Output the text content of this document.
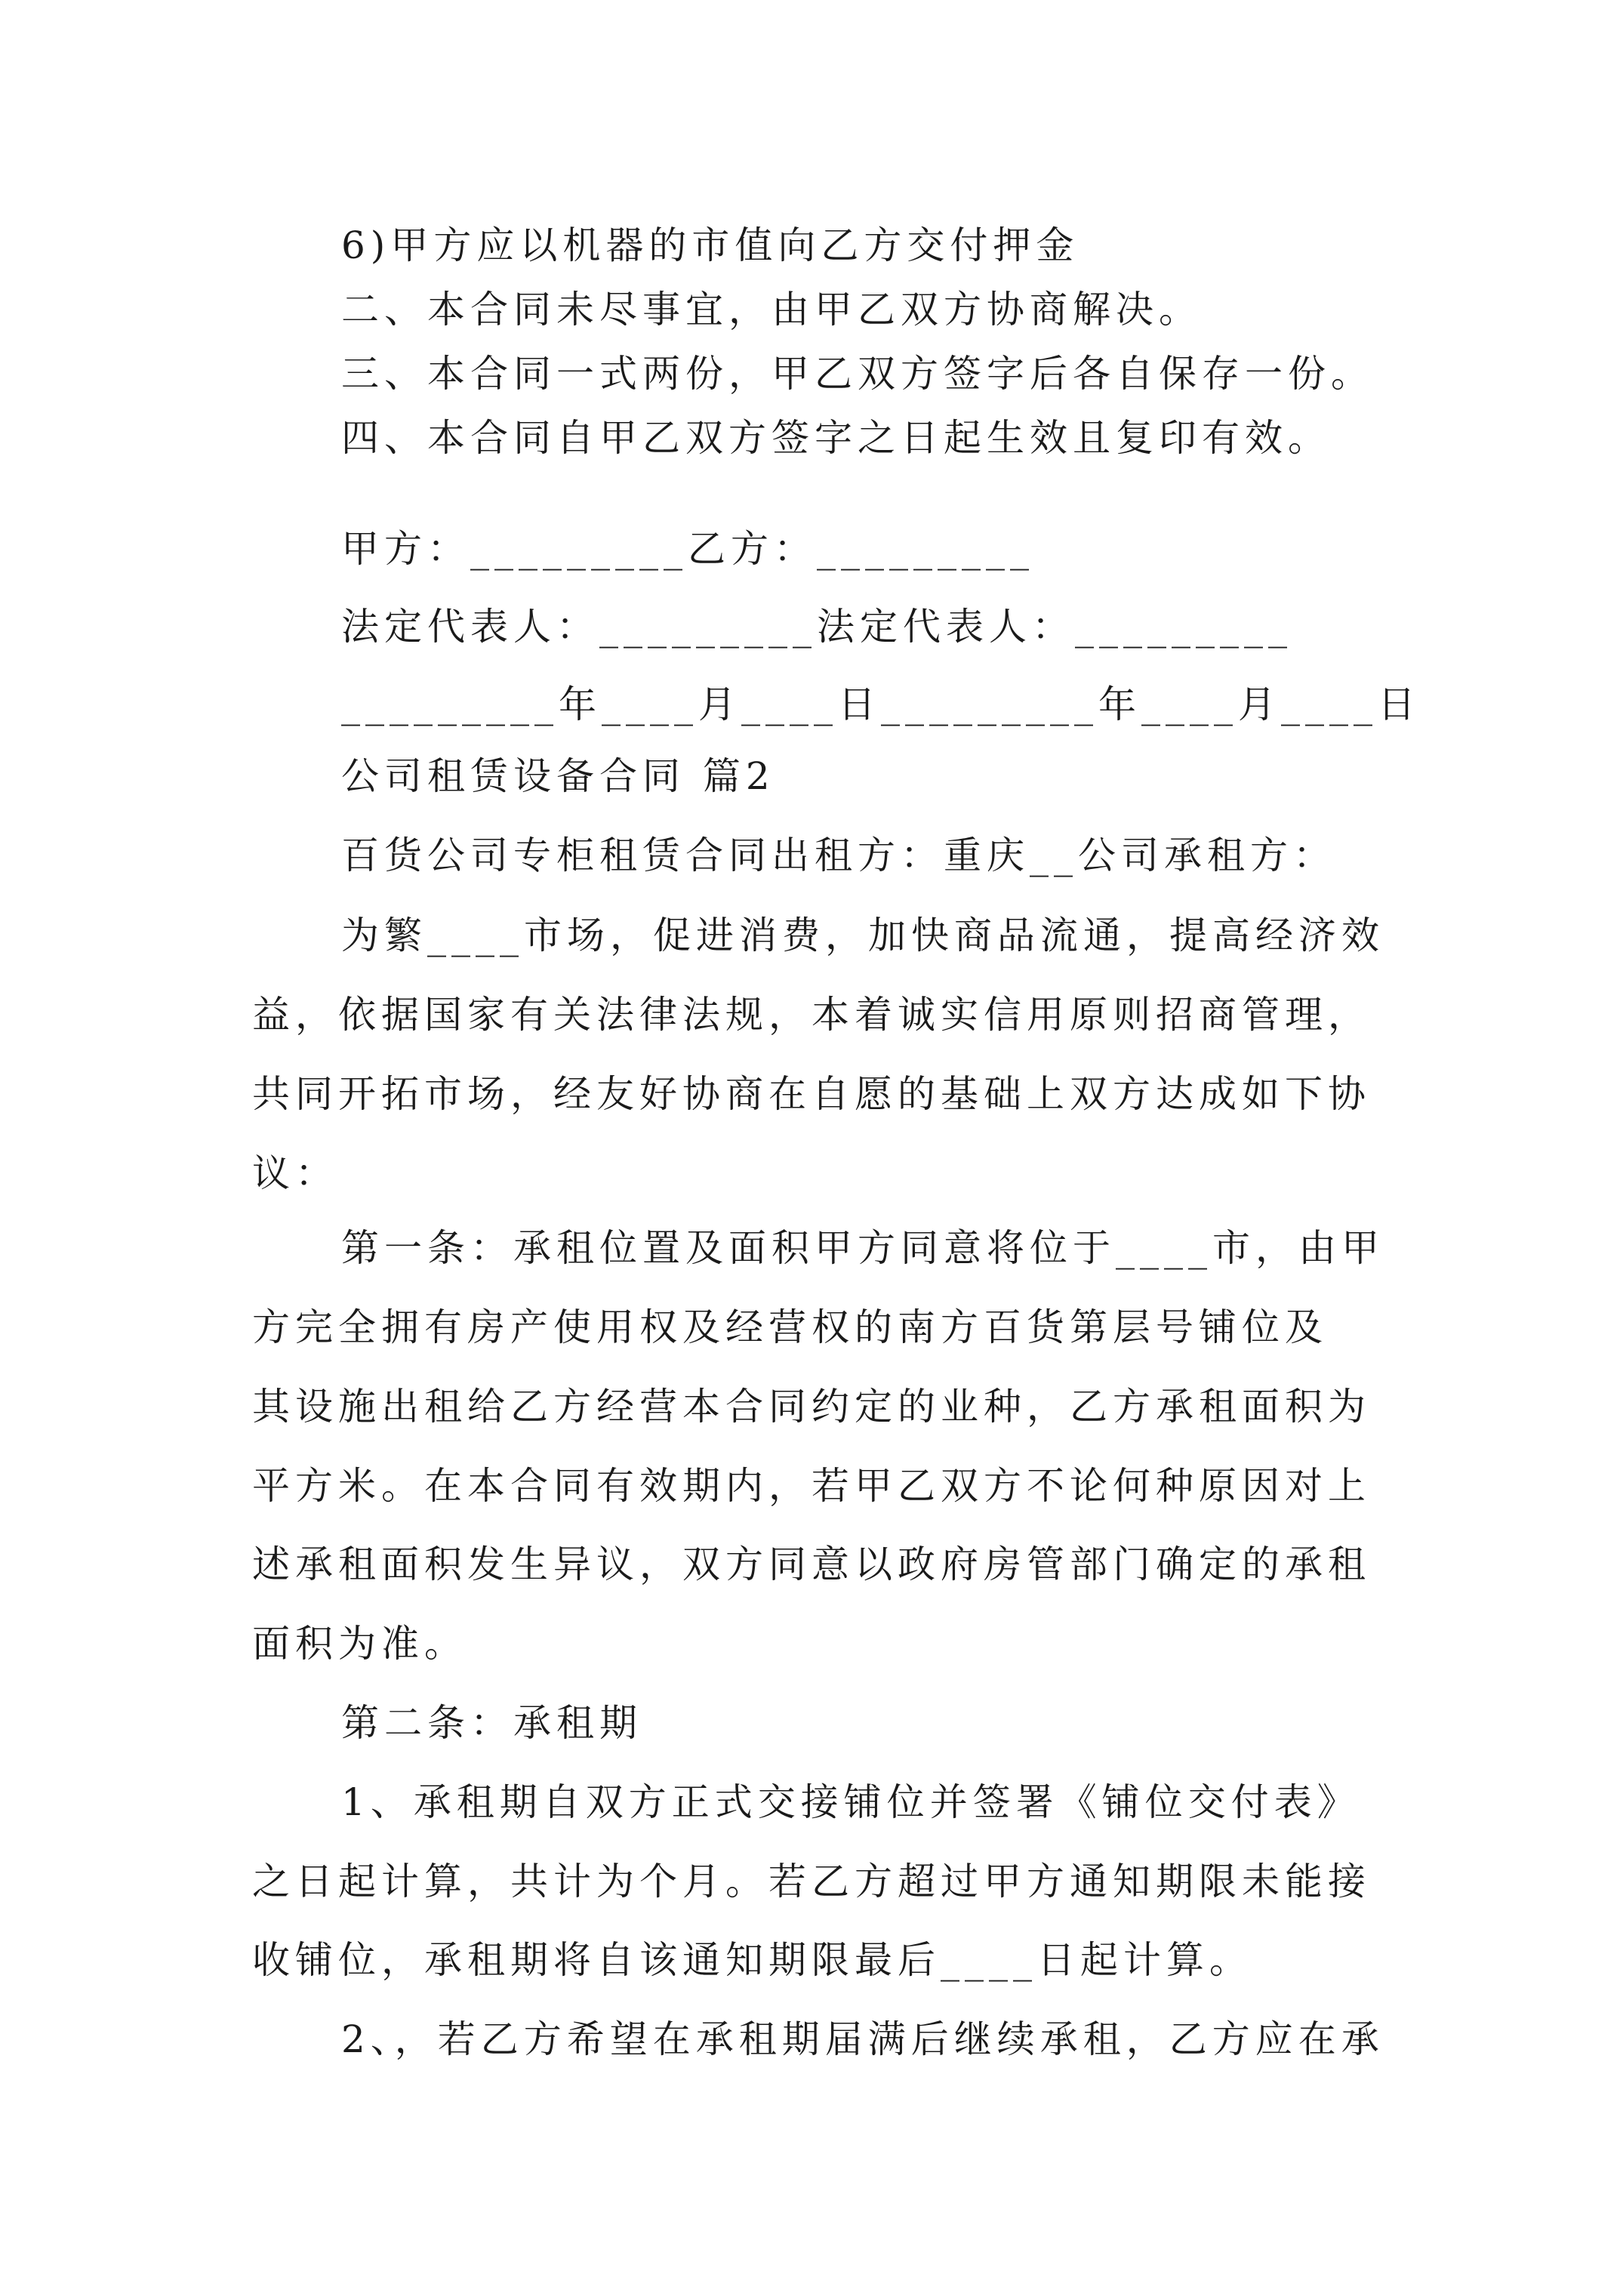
6)甲方应以机器的市值向乙方交付押金

二、本合同未尽事宜，由甲乙双方协商解决。

三、本合同一式两份，甲乙双方签字后各自保存一份。

四、本合同自甲乙双方签字之日起生效且复印有效。

甲方：_________乙方：_________

法定代表人：_________法定代表人：_________

_________年____月____日_________年____月____日

公司租赁设备合同 篇2

百货公司专柜租赁合同出租方：重庆__公司承租方：

为繁____市场，促进消费，加快商品流通，提高经济效

益，依据国家有关法律法规，本着诚实信用原则招商管理，

共同开拓市场，经友好协商在自愿的基础上双方达成如下协

议：

第一条：承租位置及面积甲方同意将位于____市，由甲

方完全拥有房产使用权及经营权的南方百货第层号铺位及

其设施出租给乙方经营本合同约定的业种，乙方承租面积为

平方米。在本合同有效期内，若甲乙双方不论何种原因对上

述承租面积发生异议，双方同意以政府房管部门确定的承租

面积为准。

第二条：承租期

1、承租期自双方正式交接铺位并签署《铺位交付表》

之日起计算，共计为个月。若乙方超过甲方通知期限未能接

收铺位，承租期将自该通知期限最后____日起计算。

2、，若乙方希望在承租期届满后继续承租，乙方应在承
